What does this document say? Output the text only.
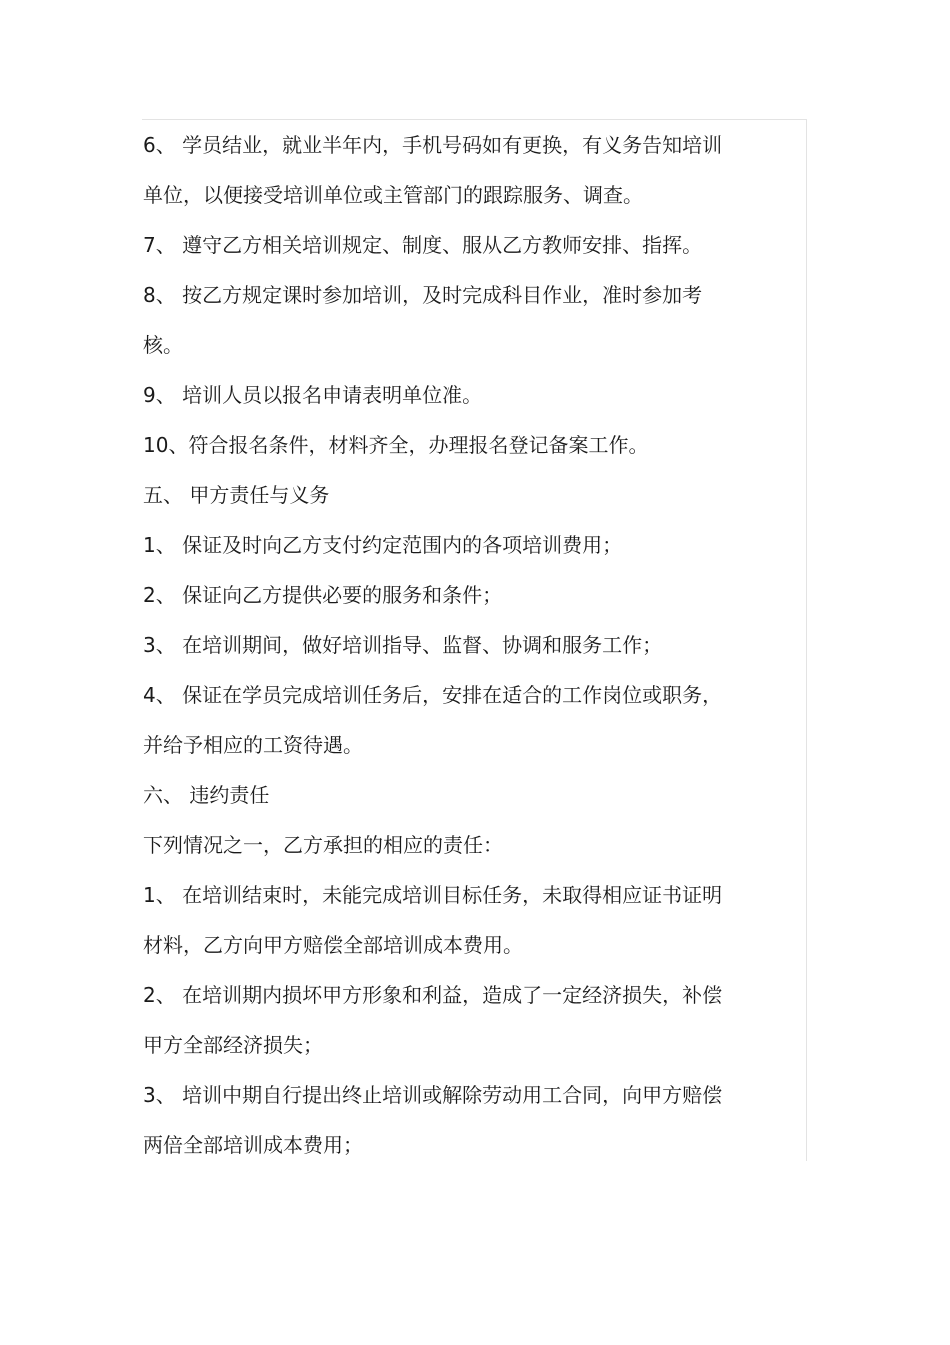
6、 学员结业，就业半年内，手机号码如有更换，有义务告知培训
单位，以便接受培训单位或主管部门的跟踪服务、调查。
7、 遵守乙方相关培训规定、制度、服从乙方教师安排、指挥。
8、 按乙方规定课时参加培训，及时完成科目作业，准时参加考
核。
9、 培训人员以报名申请表明单位准。
10、符合报名条件，材料齐全，办理报名登记备案工作。
五、 甲方责任与义务
1、 保证及时向乙方支付约定范围内的各项培训费用；
2、 保证向乙方提供必要的服务和条件；
3、 在培训期间，做好培训指导、监督、协调和服务工作；
4、 保证在学员完成培训任务后，安排在适合的工作岗位或职务，
并给予相应的工资待遇。
六、 违约责任
下列情况之一，乙方承担的相应的责任：
1、 在培训结束时，未能完成培训目标任务，未取得相应证书证明
材料，乙方向甲方赔偿全部培训成本费用。
2、 在培训期内损坏甲方形象和利益，造成了一定经济损失，补偿
甲方全部经济损失；
3、 培训中期自行提出终止培训或解除劳动用工合同，向甲方赔偿
两倍全部培训成本费用；
